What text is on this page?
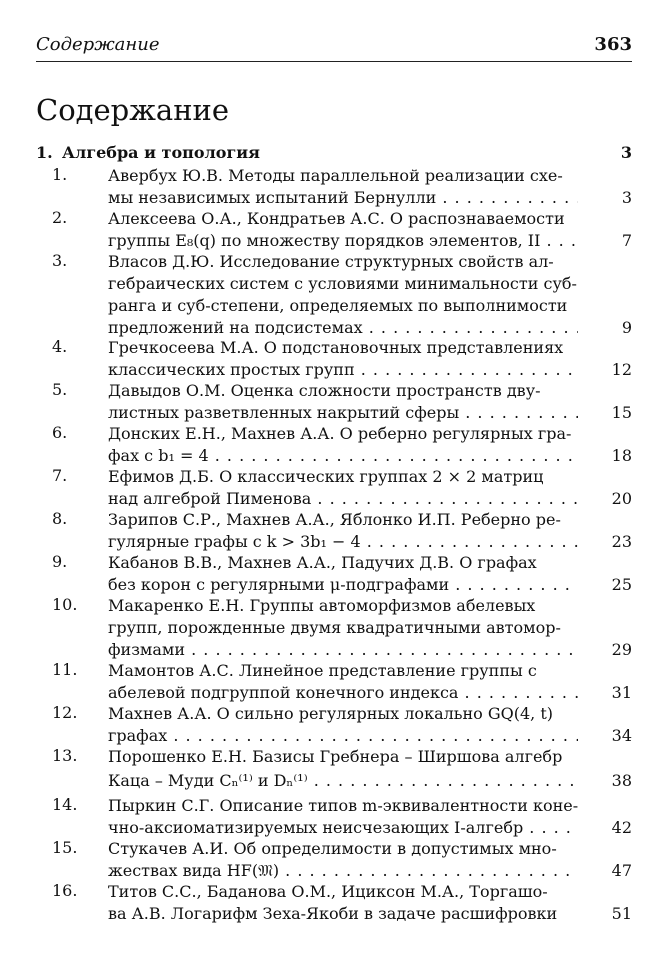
Содержание	363
Содержание
1. Алгебра и топология	3
1.	Авербух Ю.В. Методы параллельной реализации схе-
мы независимых испытаний Бернулли . . .	3
2.	Алексеева О.А., Кондратьев А.С. О распознаваемости
группы E₈(q) по множеству порядков элементов, II . . .	7
3.	Власов Д.Ю. Исследование структурных свойств ал-
гебраических систем с условиями минимальности суб-
ранга и суб-степени, определяемых по выполнимости
предложений на подсистемах . . .	9
4.	Гречкосеева М.А. О подстановочных представлениях
классических простых групп . . .	12
5.	Давыдов О.М. Оценка сложности пространств дву-
листных разветвленных накрытий сферы . . .	15
6.	Донских Е.Н., Махнев А.А. О реберно регулярных гра-
фах с b₁ = 4 . . .	18
7.	Ефимов Д.Б. О классических группах 2 × 2 матриц
над алгеброй Пименова . . .	20
8.	Зарипов С.Р., Махнев А.А., Яблонко И.П. Реберно ре-
гулярные графы с k > 3b₁ − 4 . . .	23
9.	Кабанов В.В., Махнев А.А., Падучих Д.В. О графах
без корон с регулярными μ-подграфами . . .	25
10. Макаренко Е.Н. Группы автоморфизмов абелевых
групп, порожденные двумя квадратичными автомор-
физмами . . .	29
11. Мамонтов А.С. Линейное представление группы с
абелевой подгруппой конечного индекса . . .	31
12. Махнев А.А. О сильно регулярных локально GQ(4, t)
графах . . .	34
13. Порошенко Е.Н. Базисы Гребнера – Ширшова алгебр
Каца – Муди Cₙ⁽¹⁾ и Dₙ⁽¹⁾ . . .	38
14. Пыркин С.Г. Описание типов m-эквивалентности коне-
чно-аксиоматизируемых неисчезающих I-алгебр . . .	42
15. Стукачев А.И. Об определимости в допустимых мно-
жествах вида HF(𝔐) . . .	47
16. Титов С.С., Баданова О.М., Ициксон М.А., Торгашо-
ва А.В. Логарифм Зеха-Якоби в задаче расшифровки	51
